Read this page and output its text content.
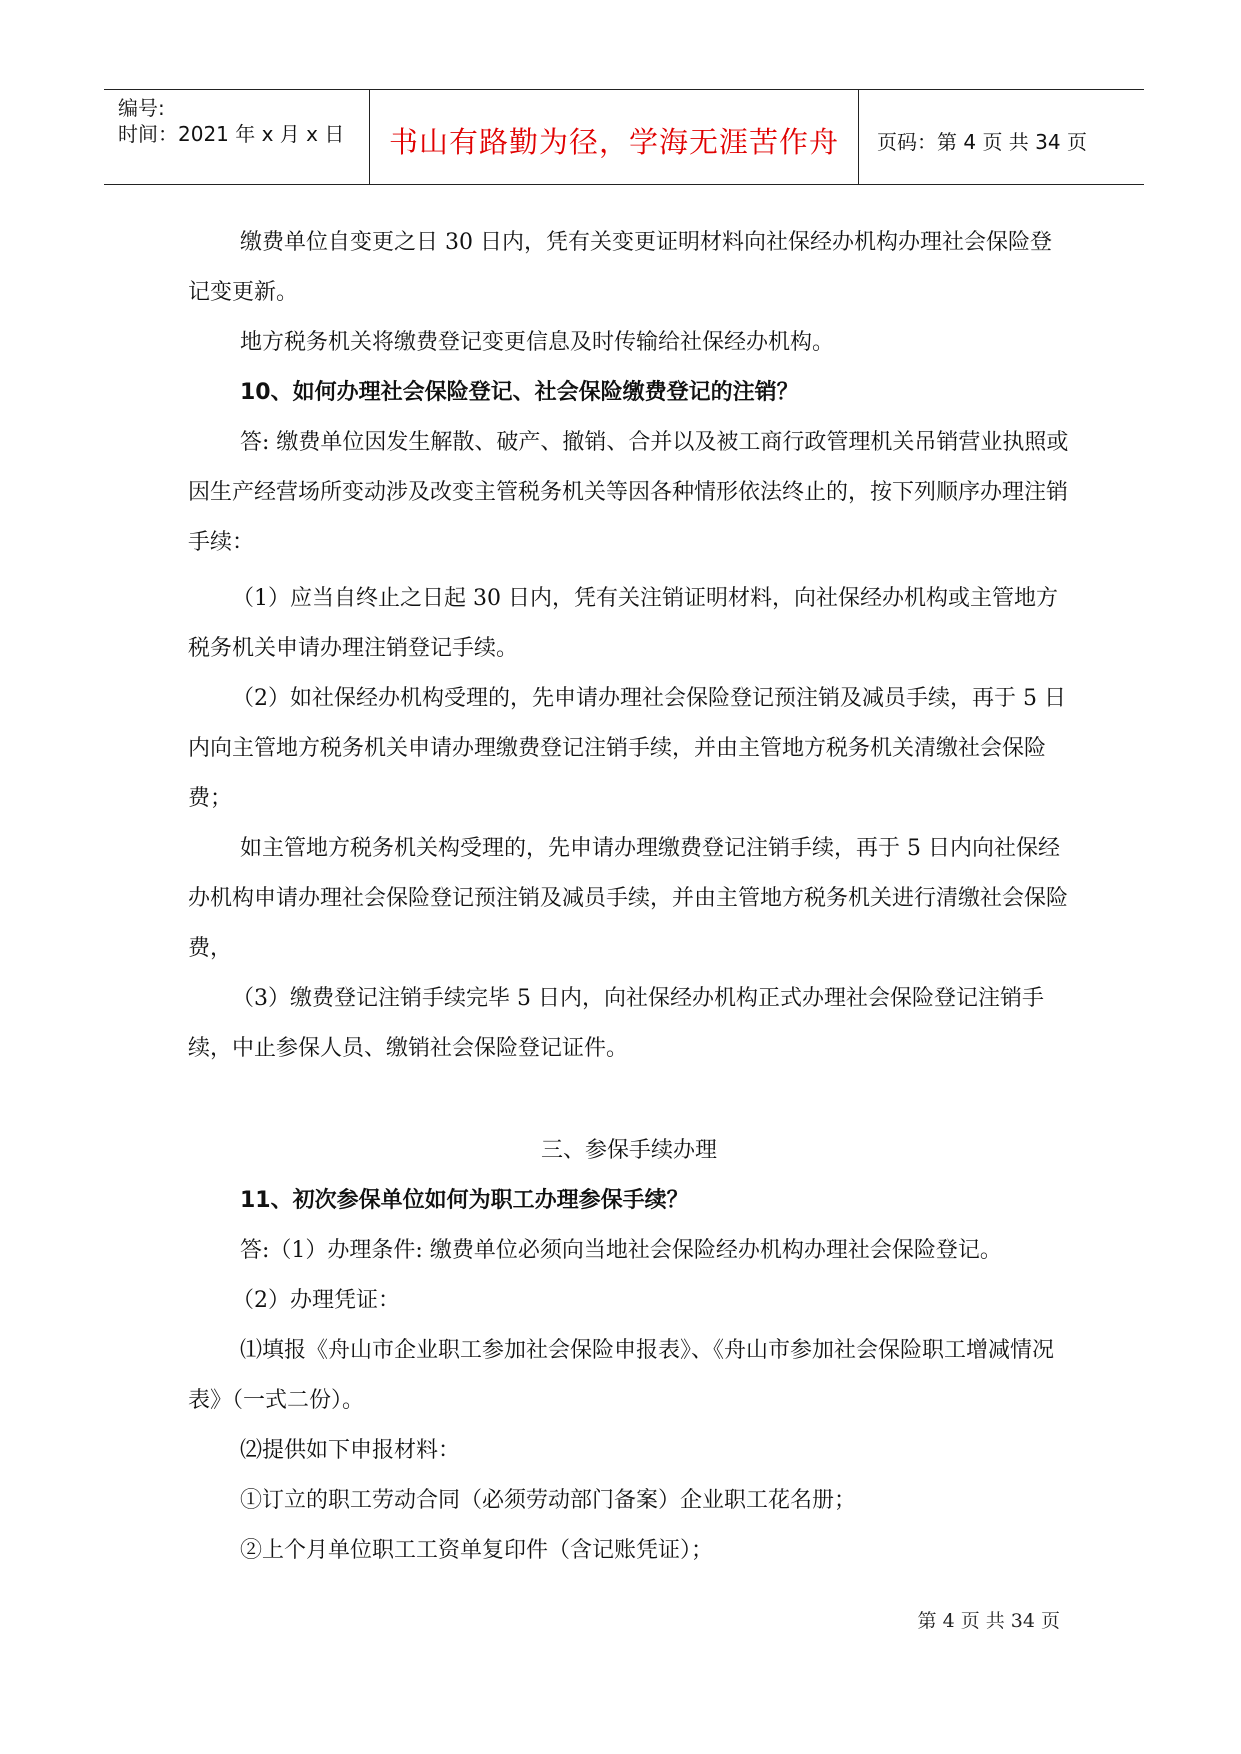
编号:
时间：2021 年 x 月 x 日 书山有路勤为径，学海无涯苦作舟 页码：第 4 页 共 34 页

缴费单位自变更之日 30 日内，凭有关变更证明材料向社保经办机构办理社会保险登记变更新。

地方税务机关将缴费登记变更信息及时传输给社保经办机构。

10、如何办理社会保险登记、社会保险缴费登记的注销？

答: 缴费单位因发生解散、破产、撤销、合并以及被工商行政管理机关吊销营业执照或因生产经营场所变动涉及改变主管税务机关等因各种情形依法终止的，按下列顺序办理注销手续：

（1）应当自终止之日起 30 日内，凭有关注销证明材料，向社保经办机构或主管地方税务机关申请办理注销登记手续。

（2）如社保经办机构受理的，先申请办理社会保险登记预注销及减员手续，再于 5 日内向主管地方税务机关申请办理缴费登记注销手续，并由主管地方税务机关清缴社会保险费；

如主管地方税务机关构受理的，先申请办理缴费登记注销手续，再于 5 日内向社保经办机构申请办理社会保险登记预注销及减员手续，并由主管地方税务机关进行清缴社会保险费，

（3）缴费登记注销手续完毕 5 日内，向社保经办机构正式办理社会保险登记注销手续，中止参保人员、缴销社会保险登记证件。

三、参保手续办理

11、初次参保单位如何为职工办理参保手续？

答:（1）办理条件: 缴费单位必须向当地社会保险经办机构办理社会保险登记。

（2）办理凭证：

⑴填报《舟山市企业职工参加社会保险申报表》、《舟山市参加社会保险职工增减情况表》（一式二份）。

⑵提供如下申报材料：

①订立的职工劳动合同（必须劳动部门备案）企业职工花名册；

②上个月单位职工工资单复印件（含记账凭证）；

第 4 页 共 34 页
